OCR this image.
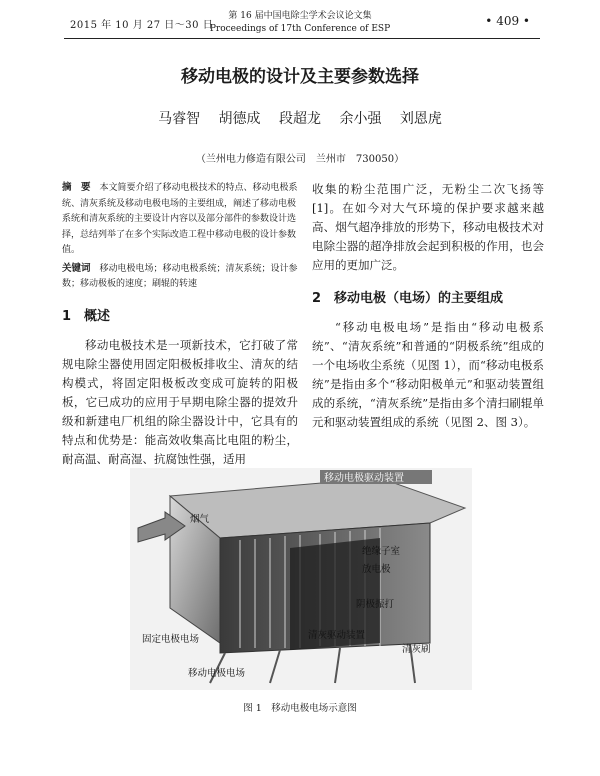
2015 年 10 月 27 日～30 日
第 16 届中国电除尘学术会议论文集
Proceedings of 17th Conference of ESP
• 409 •
移动电极的设计及主要参数选择
马睿智 胡德成 段超龙 余小强 刘恩虎
（兰州电力修造有限公司　兰州市　730050）

摘　要　 本文简要介绍了移动电极技术的特点、移动电极系统、清灰系统及移动电极电场的主要组成，阐述了移动电极系统和清灰系统的主要设计内容以及部分部件的参数设计选择，总结列举了在多个实际改造工程中移动电极的设计参数值。

关键词　 移动电极电场；移动电极系统；清灰系统；设计参数；移动极板的速度；刷辊的转速

1　概述

移动电极技术是一项新技术，它打破了常规电除尘器使用固定阳极板排收尘、清灰的结构模式，将固定阳极板改变成可旋转的阳极板，它已成功的应用于早期电除尘器的提效升级和新建电厂机组的除尘器设计中，它具有的特点和优势是：能高效收集高比电阻的粉尘，耐高温、耐高湿、抗腐蚀性强，适用

收集的粉尘范围广泛，无粉尘二次飞扬等[1]。在如今对大气环境的保护要求越来越高、烟气超净排放的形势下，移动电极技术对电除尘器的超净排放会起到积极的作用，也会应用的更加广泛。

2　移动电极（电场）的主要组成

“移动电极电场”是指由“移动电极系统”、“清灰系统”和普通的“阴极系统”组成的一个电场收尘系统（见图 1），而“移动电极系统”是指由多个“移动阳极单元”和驱动装置组成的系统，“清灰系统”是指由多个清扫刷辊单元和驱动装置组成的系统（见图 2、图 3）。

烟气
移动电极驱动装置
绝缘子室
放电极
阴极振打
固定电极电场	清灰驱动装置
清灰刷
移动电极电场
图 1　移动电极电场示意图
